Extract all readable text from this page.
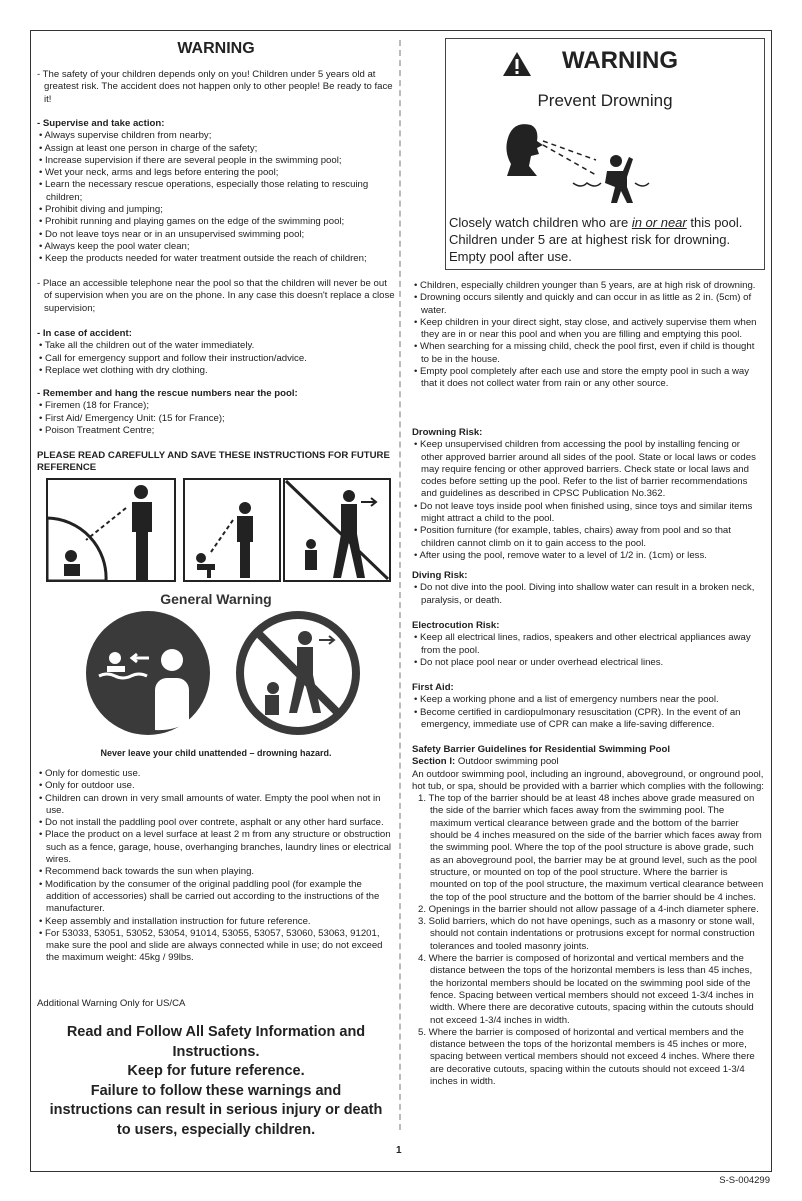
WARNING
- The safety of your children depends only on you! Children under 5 years old at greatest risk. The accident does not happen only to other people! Be ready to face it!
- Supervise and take action:
• Always supervise children from nearby;
• Assign at least one person in charge of the safety;
• Increase supervision if there are several people in the swimming pool;
• Wet your neck, arms and legs before entering the pool;
• Learn the necessary rescue operations, especially those relating to rescuing children;
• Prohibit diving and jumping;
• Prohibit running and playing games on the edge of the swimming pool;
• Do not leave toys near or in an unsupervised swimming pool;
• Always keep the pool water clean;
• Keep the products needed for water treatment outside the reach of children;
- Place an accessible telephone near the pool so that the children will never be out of supervision when you are on the phone. In any case this doesn't replace a close supervision;
- In case of accident:
• Take all the children out of the water immediately.
• Call for emergency support and follow their instruction/advice.
• Replace wet clothing with dry clothing.
- Remember and hang the rescue numbers near the pool:
• Firemen (18 for France);
• First Aid/ Emergency Unit: (15 for France);
• Poison Treatment Centre;
PLEASE READ CAREFULLY AND SAVE THESE INSTRUCTIONS FOR FUTURE REFERENCE
General Warning
Never leave your child unattended – drowning hazard.
• Only for domestic use.
• Only for outdoor use.
• Children can drown in very small amounts of water. Empty the pool when not in use.
• Do not install the paddling pool over contrete, asphalt or any other hard surface.
• Place the product on a level surface at least 2 m from any structure or obstruction such as a fence, garage, house, overhanging branches, laundry lines or electrical wires.
• Recommend back towards the sun when playing.
• Modification by the consumer of the original paddling pool (for example the addition of accessories) shall be carried out according to the instructions of the manufacturer.
• Keep assembly and installation instruction for future reference.
• For 53033, 53051, 53052, 53054, 91014, 53055, 53057, 53060, 53063, 91201, make sure the pool and slide are always connected while in use; do not exceed the maximum weight: 45kg / 99lbs.
Additional Warning Only for US/CA
Read and Follow All Safety Information and Instructions.
Keep for future reference.
Failure to follow these warnings and instructions can result in serious injury or death to users, especially children.
WARNING
Prevent Drowning
Closely watch children who are in or near this pool.
Children under 5 are at highest risk for drowning.
Empty pool after use.
• Children, especially children younger than 5 years, are at high risk of drowning.
• Drowning occurs silently and quickly and can occur in as little as 2 in. (5cm) of water.
• Keep children in your direct sight, stay close, and actively supervise them when they are in or near this pool and when you are filling and emptying this pool.
• When searching for a missing child, check the pool first, even if child is thought to be in the house.
• Empty pool completely after each use and store the empty pool in such a way that it does not collect water from rain or any other source.
Drowning Risk:
• Keep unsupervised children from accessing the pool by installing fencing or other approved barrier around all sides of the pool. State or local laws or codes may require fencing or other approved barriers. Check state or local laws and codes before setting up the pool. Refer to the list of barrier recommendations and guidelines as described in CPSC Publication No.362.
• Do not leave toys inside pool when finished using, since toys and similar items might attract a child to the pool.
• Position furniture (for example, tables, chairs) away from pool and so that children cannot climb on it to gain access to the pool.
• After using the pool, remove water to a level of 1/2 in. (1cm) or less.
Diving Risk:
• Do not dive into the pool. Diving into shallow water can result in a broken neck, paralysis, or death.
Electrocution Risk:
• Keep all electrical lines, radios, speakers and other electrical appliances away from the pool.
• Do not place pool near or under overhead electrical lines.
First Aid:
• Keep a working phone and a list of emergency numbers near the pool.
• Become certified in cardiopulmonary resuscitation (CPR). In the event of an emergency, immediate use of CPR can make a life-saving difference.
Safety Barrier Guidelines for Residential Swimming Pool
Section I: Outdoor swimming pool
An outdoor swimming pool, including an inground, aboveground, or onground pool, hot tub, or spa, should be provided with a barrier which complies with the following:
1. The top of the barrier should be at least 48 inches above grade measured on the side of the barrier which faces away from the swimming pool. The maximum vertical clearance between grade and the bottom of the barrier should be 4 inches measured on the side of the barrier which faces away from the swimming pool. Where the top of the pool structure is above grade, such as an aboveground pool, the barrier may be at ground level, such as the pool structure, or mounted on top of the pool structure. Where the barrier is mounted on top of the pool structure, the maximum vertical clearance between the top of the pool structure and the bottom of the barrier should be 4 inches.
2. Openings in the barrier should not allow passage of a 4-inch diameter sphere.
3. Solid barriers, which do not have openings, such as a masonry or stone wall, should not contain indentations or protrusions except for normal construction tolerances and tooled masonry joints.
4. Where the barrier is composed of horizontal and vertical members and the distance between the tops of the horizontal members is less than 45 inches, the horizontal members should be located on the swimming pool side of the fence. Spacing between vertical members should not exceed 1-3/4 inches in width. Where there are decorative cutouts, spacing within the cutouts should not exceed 1-3/4 inches in width.
5. Where the barrier is composed of horizontal and vertical members and the distance between the tops of the horizontal members is 45 inches or more, spacing between vertical members should not exceed 4 inches. Where there are decorative cutouts, spacing within the cutouts should not exceed 1-3/4 inches in width.
1
S-S-004299
